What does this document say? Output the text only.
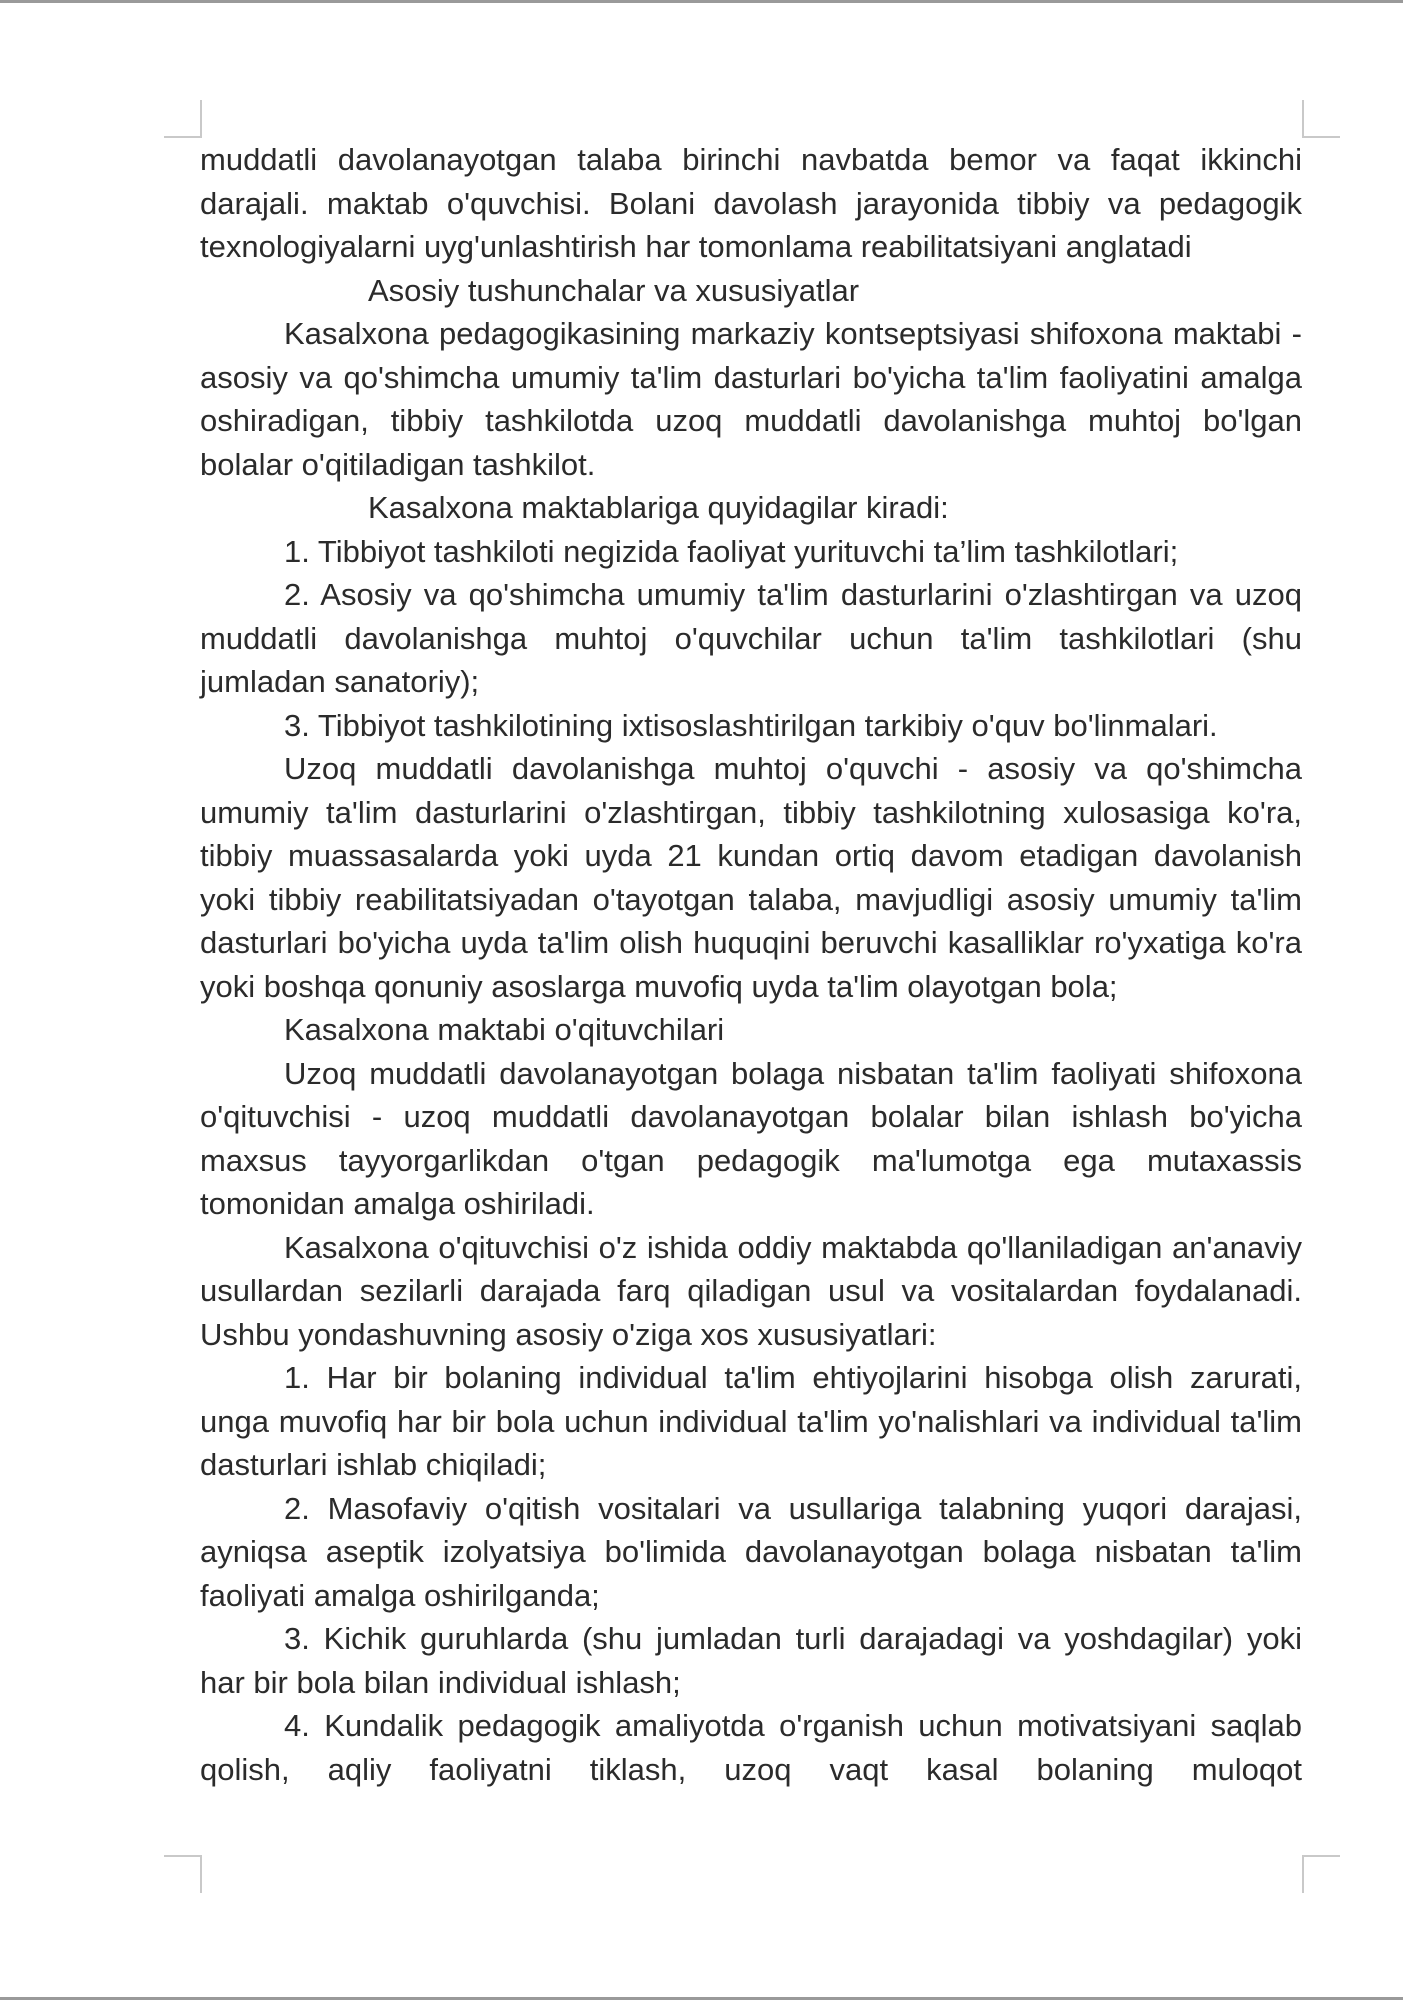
muddatli davolanayotgan talaba birinchi navbatda bemor va faqat ikkinchi darajali. maktab o'quvchisi. Bolani davolash jarayonida tibbiy va pedagogik texnologiyalarni uyg'unlashtirish har tomonlama reabilitatsiyani anglatadi

Asosiy tushunchalar va xususiyatlar

Kasalxona pedagogikasining markaziy kontseptsiyasi shifoxona maktabi - asosiy va qo'shimcha umumiy ta'lim dasturlari bo'yicha ta'lim faoliyatini amalga oshiradigan, tibbiy tashkilotda uzoq muddatli davolanishga muhtoj bo'lgan bolalar o'qitiladigan tashkilot.

Kasalxona maktablariga quyidagilar kiradi:

1. Tibbiyot tashkiloti negizida faoliyat yurituvchi ta’lim tashkilotlari;

2. Asosiy va qo'shimcha umumiy ta'lim dasturlarini o'zlashtirgan va uzoq muddatli davolanishga muhtoj o'quvchilar uchun ta'lim tashkilotlari (shu jumladan sanatoriy);

3. Tibbiyot tashkilotining ixtisoslashtirilgan tarkibiy o'quv bo'linmalari.

Uzoq muddatli davolanishga muhtoj o'quvchi - asosiy va qo'shimcha umumiy ta'lim dasturlarini o'zlashtirgan, tibbiy tashkilotning xulosasiga ko'ra, tibbiy muassasalarda yoki uyda 21 kundan ortiq davom etadigan davolanish yoki tibbiy reabilitatsiyadan o'tayotgan talaba, mavjudligi asosiy umumiy ta'lim dasturlari bo'yicha uyda ta'lim olish huquqini beruvchi kasalliklar ro'yxatiga ko'ra yoki boshqa qonuniy asoslarga muvofiq uyda ta'lim olayotgan bola;

Kasalxona maktabi o'qituvchilari

Uzoq muddatli davolanayotgan bolaga nisbatan ta'lim faoliyati shifoxona o'qituvchisi - uzoq muddatli davolanayotgan bolalar bilan ishlash bo'yicha maxsus tayyorgarlikdan o'tgan pedagogik ma'lumotga ega mutaxassis tomonidan amalga oshiriladi.

Kasalxona o'qituvchisi o'z ishida oddiy maktabda qo'llaniladigan an'anaviy usullardan sezilarli darajada farq qiladigan usul va vositalardan foydalanadi. Ushbu yondashuvning asosiy o'ziga xos xususiyatlari:

1. Har bir bolaning individual ta'lim ehtiyojlarini hisobga olish zarurati, unga muvofiq har bir bola uchun individual ta'lim yo'nalishlari va individual ta'lim dasturlari ishlab chiqiladi;

2. Masofaviy o'qitish vositalari va usullariga talabning yuqori darajasi, ayniqsa aseptik izolyatsiya bo'limida davolanayotgan bolaga nisbatan ta'lim faoliyati amalga oshirilganda;

3. Kichik guruhlarda (shu jumladan turli darajadagi va yoshdagilar) yoki har bir bola bilan individual ishlash;

4. Kundalik pedagogik amaliyotda o'rganish uchun motivatsiyani saqlab qolish, aqliy faoliyatni tiklash, uzoq vaqt kasal bolaning muloqot
